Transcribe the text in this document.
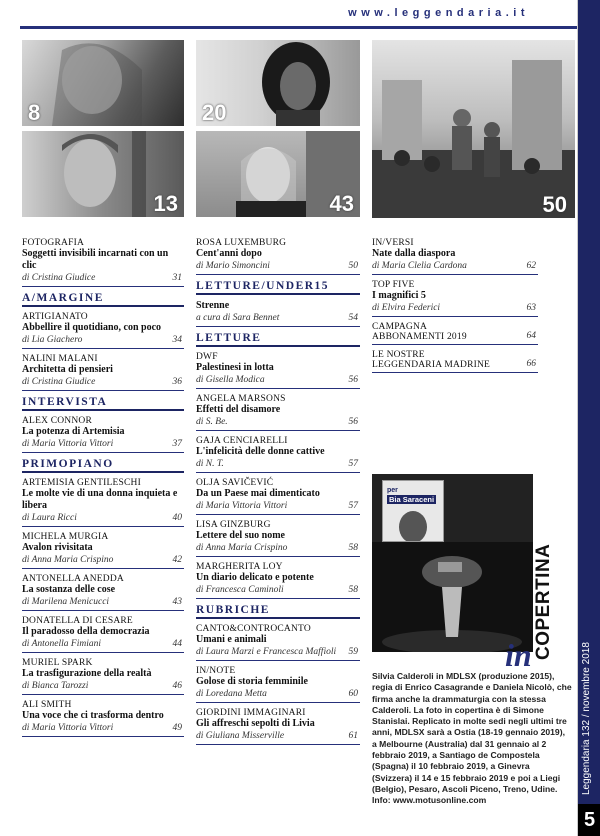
www.leggendaria.it
Leggendaria 132 / novembre 2018
5
8	20
13	43	50
FOTOGRAFIA
Soggetti invisibili incarnati con un clic
di Cristina Giudice	31
A/MARGINE
ARTIGIANATO
Abbellire il quotidiano, con poco
di Lia Giachero	34
NALINI MALANI
Architetta di pensieri
di Cristina Giudice	36
INTERVISTA
ALEX CONNOR
La potenza di Artemisia
di Maria Vittoria Vittori	37
PRIMOPIANO
ARTEMISIA GENTILESCHI
Le molte vie di una donna inquieta e libera
di Laura Ricci	40
MICHELA MURGIA
Avalon rivisitata
di Anna Maria Crispino	42
ANTONELLA ANEDDA
La sostanza delle cose
di Marilena Menicucci	43
DONATELLA DI CESARE
Il paradosso della democrazia
di Antonella Fimiani	44
MURIEL SPARK
La trasfigurazione della realtà
di Bianca Tarozzi	46
ALI SMITH
Una voce che ci trasforma dentro
di Maria Vittoria Vittori	49
ROSA LUXEMBURG
Cent'anni dopo
di Mario Simoncini	50
LETTURE/UNDER15
Strenne
a cura di Sara Bennet	54
LETTURE
DWF
Palestinesi in lotta
di Gisella Modica	56
ANGELA MARSONS
Effetti del disamore
di S. Be.	56
GAJA CENCIARELLI
L'infelicità delle donne cattive
di N. T.	57
OLJA SAVIČEVIĆ
Da un Paese mai dimenticato
di Maria Vittoria Vittori	57
LISA GINZBURG
Lettere del suo nome
di Anna Maria Crispino	58
MARGHERITA LOY
Un diario delicato e potente
di Francesca Caminoli	58
RUBRICHE
CANTO&CONTROCANTO
Umani e animali
di Laura Marzi e Francesca Maffioli	59
IN/NOTE
Golose di storia femminile
di Loredana Metta	60
GIORDINI IMMAGINARI
Gli affreschi sepolti di Livia
di Giuliana Misserville	61
IN/VERSI
Nate dalla diaspora
di Maria Clelia Cardona	62
TOP FIVE
I magnifici 5
di Elvira Federici	63
CAMPAGNA
ABBONAMENTI 2019	64
LE NOSTRE
LEGGENDARIA MADRINE	66
per
Bia Saraceni
COPERTINA
in
Silvia Calderoli in MDLSX (produzione 2015), regia di Enrico Casagrande e Daniela Nicolò, che firma anche la drammaturgia con la stessa Calderoli. La foto in copertina è di Simone Stanislai. Replicato in molte sedi negli ultimi tre anni, MDLSX sarà a Ostia (18-19 gennaio 2019), a Melbourne (Australia) dal 31 gennaio al 2 febbraio 2019, a Santiago de Compostela (Spagna) il 10 febbraio 2019, a Ginevra (Svizzera) il 14 e 15 febbraio 2019 e poi a Liegi (Belgio), Pesaro, Ascoli Piceno, Treno, Udine. Info: www.motusonline.com
